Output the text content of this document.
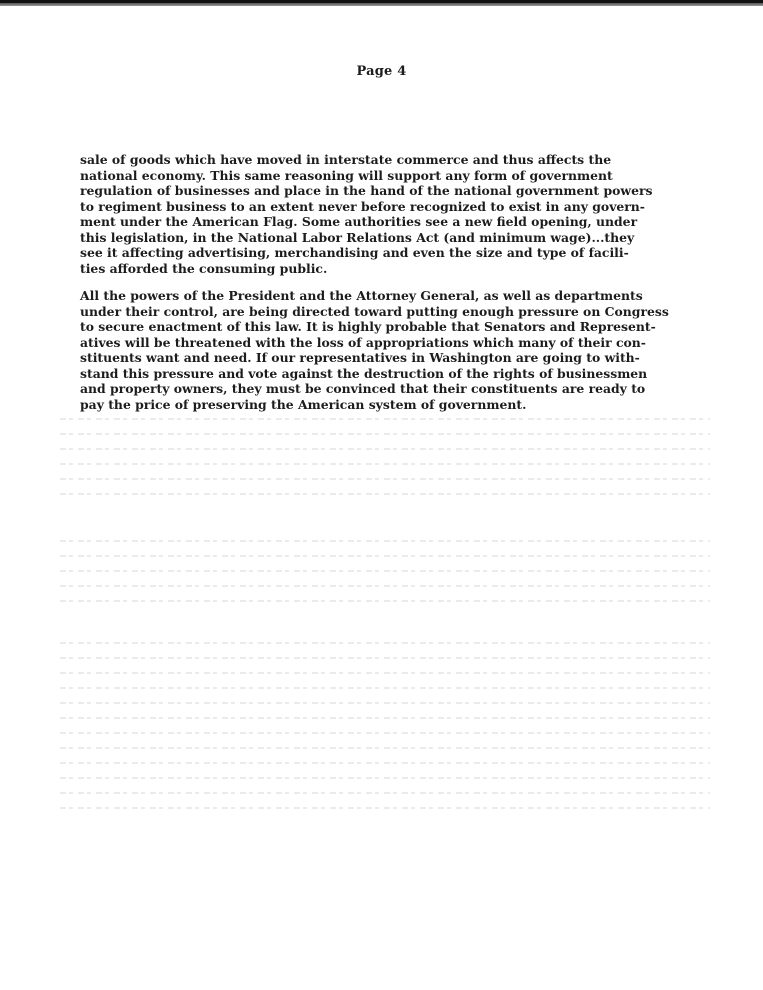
Page 4
sale of goods which have moved in interstate commerce and thus affects the
national economy. This same reasoning will support any form of government
regulation of businesses and place in the hand of the national government powers
to regiment business to an extent never before recognized to exist in any govern-
ment under the American Flag. Some authorities see a new field opening, under
this legislation, in the National Labor Relations Act (and minimum wage)...they
see it affecting advertising, merchandising and even the size and type of facili-
ties afforded the consuming public.
All the powers of the President and the Attorney General, as well as departments
under their control, are being directed toward putting enough pressure on Congress
to secure enactment of this law. It is highly probable that Senators and Represent-
atives will be threatened with the loss of appropriations which many of their con-
stituents want and need. If our representatives in Washington are going to with-
stand this pressure and vote against the destruction of the rights of businessmen
and property owners, they must be convinced that their constituents are ready to
pay the price of preserving the American system of government.
